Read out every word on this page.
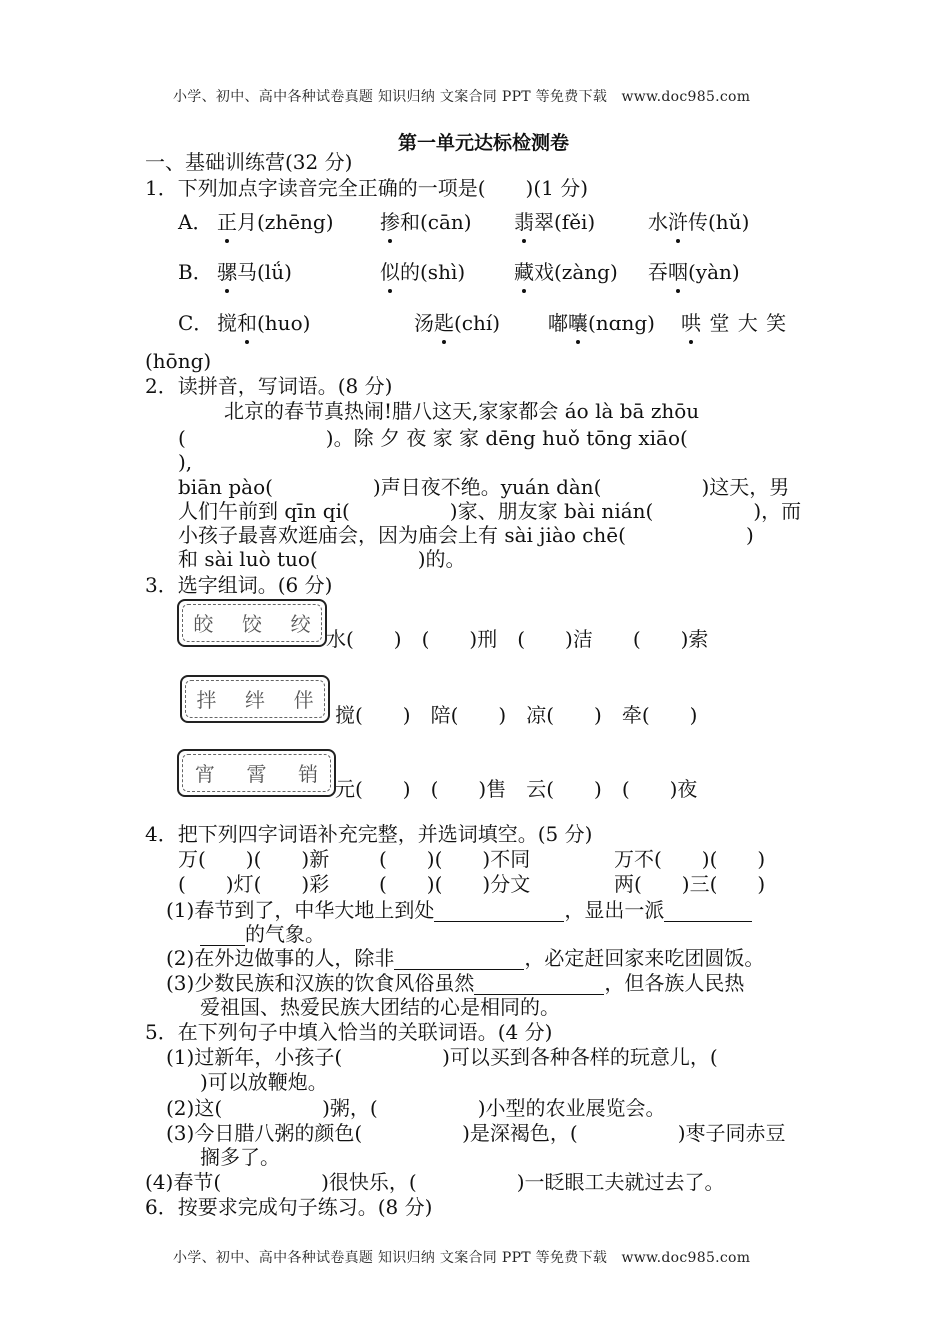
小学、初中、高中各种试卷真题 知识归纳 文案合同 PPT 等免费下载　www.doc985.com
第一单元达标检测卷
一、基础训练营(32 分)
1．下列加点字读音完全正确的一项是(　　)(1 分)
A． 正月(zhēng) 掺和(cān) 翡翠(fěi)	水浒传(hǔ)
B． 骡马(lǘ)	似的(shì) 藏戏(zàng) 吞咽(yàn)
C． 搅和(huo)	汤匙(chí) 嘟囔(nɑng) 哄 堂 大 笑
(hōng)
2．读拼音，写词语。(8 分)
北京的春节真热闹!腊八这天,家家都会 áo là bā zhōu
(　　　　　　　)。除 夕 夜 家 家 dēng huǒ tōng xiāo(
),
biān pào(　　　　　)声日夜不绝。yuán dàn(　　　　　)这天，男
人们午前到 qīn qi(　　　　　)家、朋友家 bài nián(　　　　　)，而
小孩子最喜欢逛庙会，因为庙会上有 sài jiào chē(　　　　　　)
和 sài luò tuo(　　　　　)的。
3．选字组词。(6 分)
皎 饺 绞
水(　　)　(　　)刑　(　　)洁　　(　　)索
拌 绊 伴
搅(　　)　陪(　　)　凉(　　)　牵(　　)
宵 霄 销
元(　　)　(　　)售　云(　　)　(　　)夜
4．把下列四字词语补充完整，并选词填空。(5 分)
万(　　)(　　)新 (　　)(　　)不同	万不(　　)(　　)
(　　)灯(　　)彩 (　　)(　　)分文	两(　　)三(　　)
(1)春节到了，中华大地上到处	，显出一派
的气象。
(2)在外边做事的人，除非	，必定赶回家来吃团圆饭。
(3)少数民族和汉族的饮食风俗虽然	，但各族人民热
爱祖国、热爱民族大团结的心是相同的。
5．在下列句子中填入恰当的关联词语。(4 分)
(1)过新年，小孩子(　　　　　)可以买到各种各样的玩意儿，(
)可以放鞭炮。
(2)这(　　　　　)粥，(　　　　　)小型的农业展览会。
(3)今日腊八粥的颜色(　　　　　)是深褐色，(　　　　　)枣子同赤豆
搁多了。
(4)春节(　　　　　)很快乐，(　　　　　)一眨眼工夫就过去了。
6．按要求完成句子练习。(8 分)
小学、初中、高中各种试卷真题 知识归纳 文案合同 PPT 等免费下载　www.doc985.com
